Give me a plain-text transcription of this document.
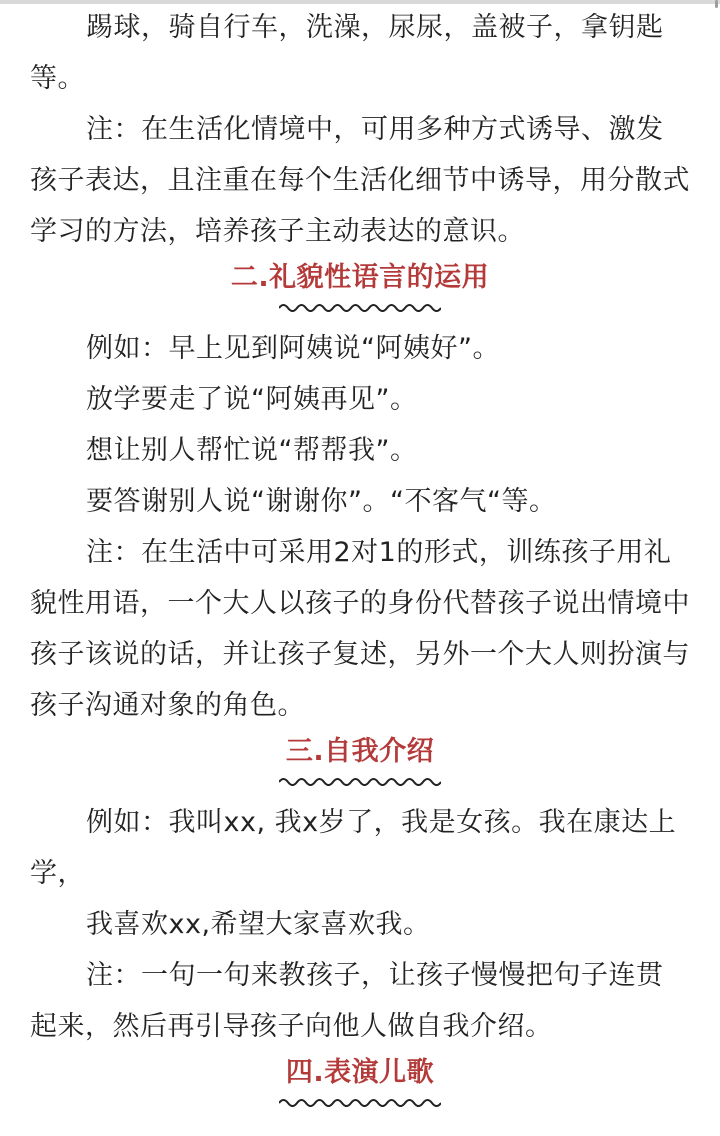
踢球，骑自行车，洗澡，尿尿，盖被子，拿钥匙等。

注：在生活化情境中，可用多种方式诱导、激发孩子表达，且注重在每个生活化细节中诱导，用分散式学习的方法，培养孩子主动表达的意识。

二.礼貌性语言的运用

例如：早上见到阿姨说“阿姨好”。

放学要走了说“阿姨再见”。

想让别人帮忙说“帮帮我”。

要答谢别人说“谢谢你”。“不客气“等。

注：在生活中可采用2对1的形式，训练孩子用礼貌性用语，一个大人以孩子的身份代替孩子说出情境中孩子该说的话，并让孩子复述，另外一个大人则扮演与孩子沟通对象的角色。

三.自我介绍

例如：我叫xx, 我x岁了，我是女孩。我在康达上学，

我喜欢xx,希望大家喜欢我。

注：一句一句来教孩子，让孩子慢慢把句子连贯起来，然后再引导孩子向他人做自我介绍。

四.表演儿歌
